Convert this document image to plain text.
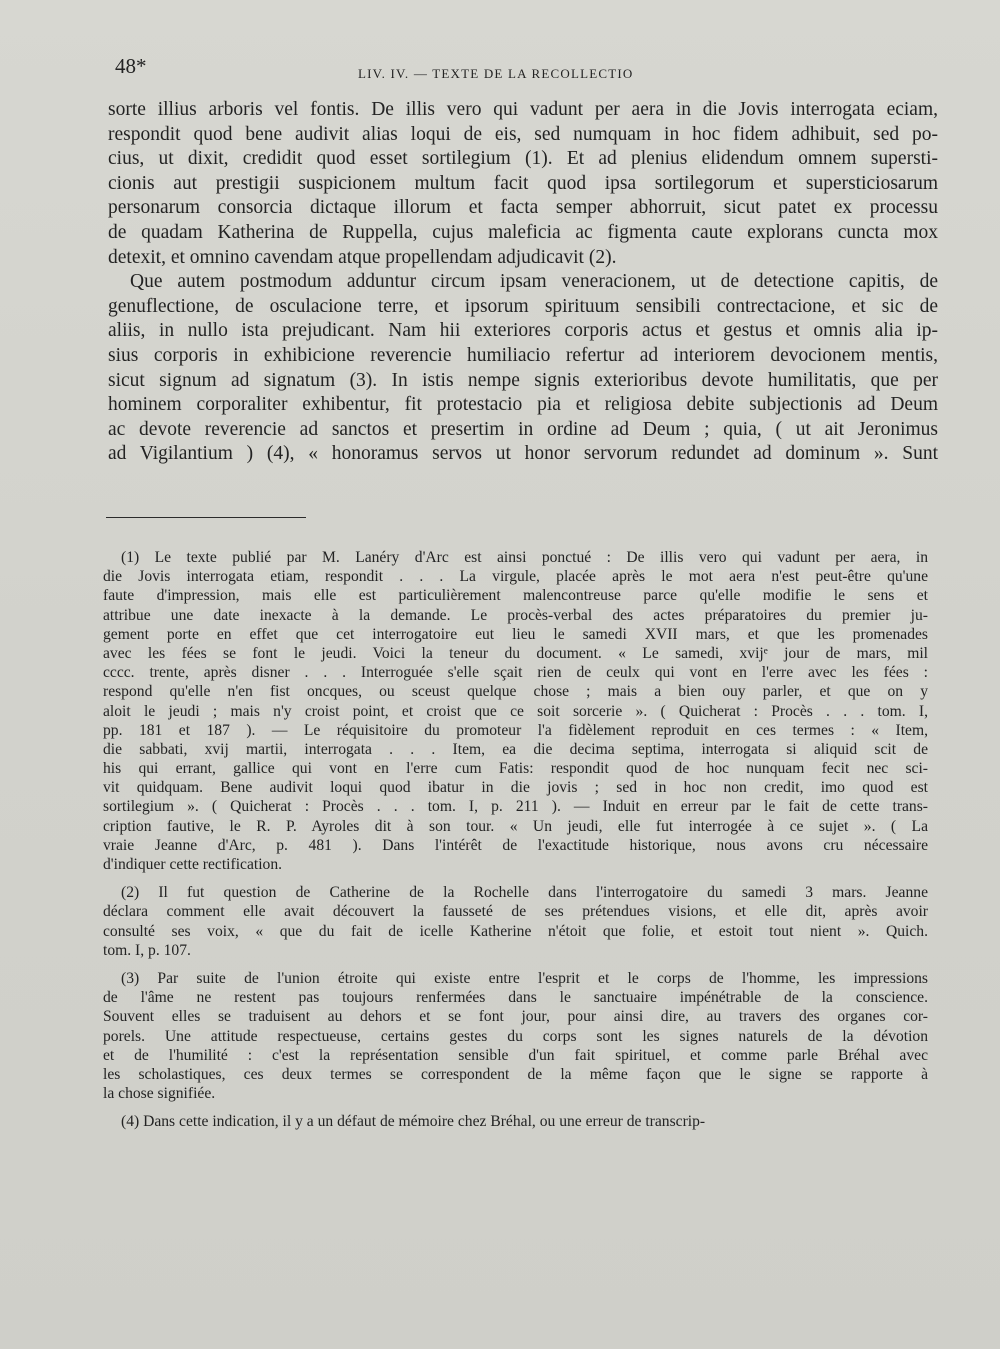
48*	LIV. IV. — TEXTE DE LA RECOLLECTIO
sorte illius arboris vel fontis. De illis vero qui vadunt per aera in die Jovis interrogata eciam,
respondit quod bene audivit alias loqui de eis, sed numquam in hoc fidem adhibuit, sed po-
cius, ut dixit, credidit quod esset sortilegium (1). Et ad plenius elidendum omnem supersti-
cionis aut prestigii suspicionem multum facit quod ipsa sortilegorum et supersticiosarum
personarum consorcia dictaque illorum et facta semper abhorruit, sicut patet ex processu
de quadam Katherina de Ruppella, cujus maleficia ac figmenta caute explorans cuncta mox
detexit, et omnino cavendam atque propellendam adjudicavit (2).
Que autem postmodum adduntur circum ipsam veneracionem, ut de detectione capitis, de
genuflectione, de osculacione terre, et ipsorum spirituum sensibili contrectacione, et sic de
aliis, in nullo ista prejudicant. Nam hii exteriores corporis actus et gestus et omnis alia ip-
sius corporis in exhibicione reverencie humiliacio refertur ad interiorem devocionem mentis,
sicut signum ad signatum (3). In istis nempe signis exterioribus devote humilitatis, que per
hominem corporaliter exhibentur, fit protestacio pia et religiosa debite subjectionis ad Deum
ac devote reverencie ad sanctos et presertim in ordine ad Deum ; quia, ( ut ait Jeronimus
ad Vigilantium ) (4), « honoramus servos ut honor servorum redundet ad dominum ». Sunt
(1) Le texte publié par M. Lanéry d'Arc est ainsi ponctué : De illis vero qui vadunt per aera, in
die Jovis interrogata etiam, respondit . . . La virgule, placée après le mot aera n'est peut-être qu'une
faute d'impression, mais elle est particulièrement malencontreuse parce qu'elle modifie le sens et
attribue une date inexacte à la demande. Le procès-verbal des actes préparatoires du premier ju-
gement porte en effet que cet interrogatoire eut lieu le samedi XVII mars, et que les promenades
avec les fées se font le jeudi. Voici la teneur du document. « Le samedi, xvijᵉ jour de mars, mil
cccc. trente, après disner . . . Interroguée s'elle sçait rien de ceulx qui vont en l'erre avec les fées :
respond qu'elle n'en fist oncques, ou sceust quelque chose ; mais a bien ouy parler, et que on y
aloit le jeudi ; mais n'y croist point, et croist que ce soit sorcerie ». ( Quicherat : Procès . . . tom. I,
pp. 181 et 187 ). — Le réquisitoire du promoteur l'a fidèlement reproduit en ces termes : « Item,
die sabbati, xvij martii, interrogata . . . Item, ea die decima septima, interrogata si aliquid scit de
his qui errant, gallice qui vont en l'erre cum Fatis: respondit quod de hoc nunquam fecit nec sci-
vit quidquam. Bene audivit loqui quod ibatur in die jovis ; sed in hoc non credit, imo quod est
sortilegium ». ( Quicherat : Procès . . . tom. I, p. 211 ). — Induit en erreur par le fait de cette trans-
cription fautive, le R. P. Ayroles dit à son tour. « Un jeudi, elle fut interrogée à ce sujet ». ( La
vraie Jeanne d'Arc, p. 481 ). Dans l'intérêt de l'exactitude historique, nous avons cru nécessaire
d'indiquer cette rectification.
(2) Il fut question de Catherine de la Rochelle dans l'interrogatoire du samedi 3 mars. Jeanne
déclara comment elle avait découvert la fausseté de ses prétendues visions, et elle dit, après avoir
consulté ses voix, « que du fait de icelle Katherine n'étoit que folie, et estoit tout nient ». Quich.
tom. I, p. 107.
(3) Par suite de l'union étroite qui existe entre l'esprit et le corps de l'homme, les impressions
de l'âme ne restent pas toujours renfermées dans le sanctuaire impénétrable de la conscience.
Souvent elles se traduisent au dehors et se font jour, pour ainsi dire, au travers des organes cor-
porels. Une attitude respectueuse, certains gestes du corps sont les signes naturels de la dévotion
et de l'humilité : c'est la représentation sensible d'un fait spirituel, et comme parle Bréhal avec
les scholastiques, ces deux termes se correspondent de la même façon que le signe se rapporte à
la chose signifiée.
(4) Dans cette indication, il y a un défaut de mémoire chez Bréhal, ou une erreur de transcrip-
